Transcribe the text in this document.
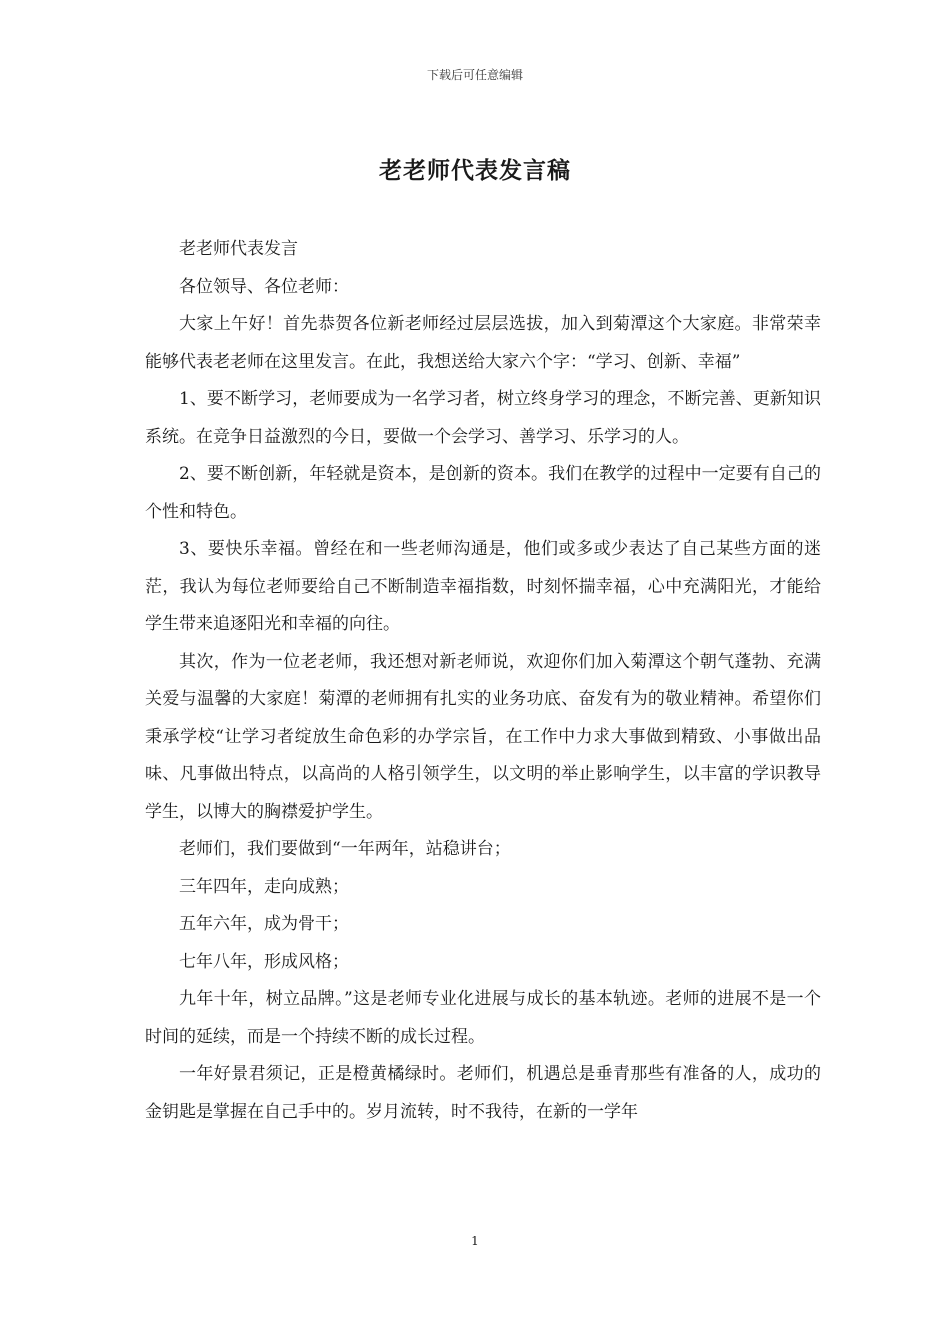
下载后可任意编辑
老老师代表发言稿

老老师代表发言

各位领导、各位老师：

大家上午好！首先恭贺各位新老师经过层层选拔，加入到菊潭这个大家庭。非常荣幸能够代表老老师在这里发言。在此，我想送给大家六个字：“学习、创新、幸福”

1、要不断学习，老师要成为一名学习者，树立终身学习的理念，不断完善、更新知识系统。在竞争日益激烈的今日，要做一个会学习、善学习、乐学习的人。

2、要不断创新，年轻就是资本，是创新的资本。我们在教学的过程中一定要有自己的个性和特色。

3、要快乐幸福。曾经在和一些老师沟通是，他们或多或少表达了自己某些方面的迷茫，我认为每位老师要给自己不断制造幸福指数，时刻怀揣幸福，心中充满阳光，才能给学生带来追逐阳光和幸福的向往。

其次，作为一位老老师，我还想对新老师说，欢迎你们加入菊潭这个朝气蓬勃、充满关爱与温馨的大家庭！菊潭的老师拥有扎实的业务功底、奋发有为的敬业精神。希望你们秉承学校“让学习者绽放生命色彩的办学宗旨，在工作中力求大事做到精致、小事做出品味、凡事做出特点，以高尚的人格引领学生，以文明的举止影响学生，以丰富的学识教导学生，以博大的胸襟爱护学生。

老师们，我们要做到“一年两年，站稳讲台；

三年四年，走向成熟；

五年六年，成为骨干；

七年八年，形成风格；

九年十年，树立品牌。”这是老师专业化进展与成长的基本轨迹。老师的进展不是一个时间的延续，而是一个持续不断的成长过程。

一年好景君须记，正是橙黄橘绿时。老师们，机遇总是垂青那些有准备的人，成功的金钥匙是掌握在自己手中的。岁月流转，时不我待，在新的一学年

1
